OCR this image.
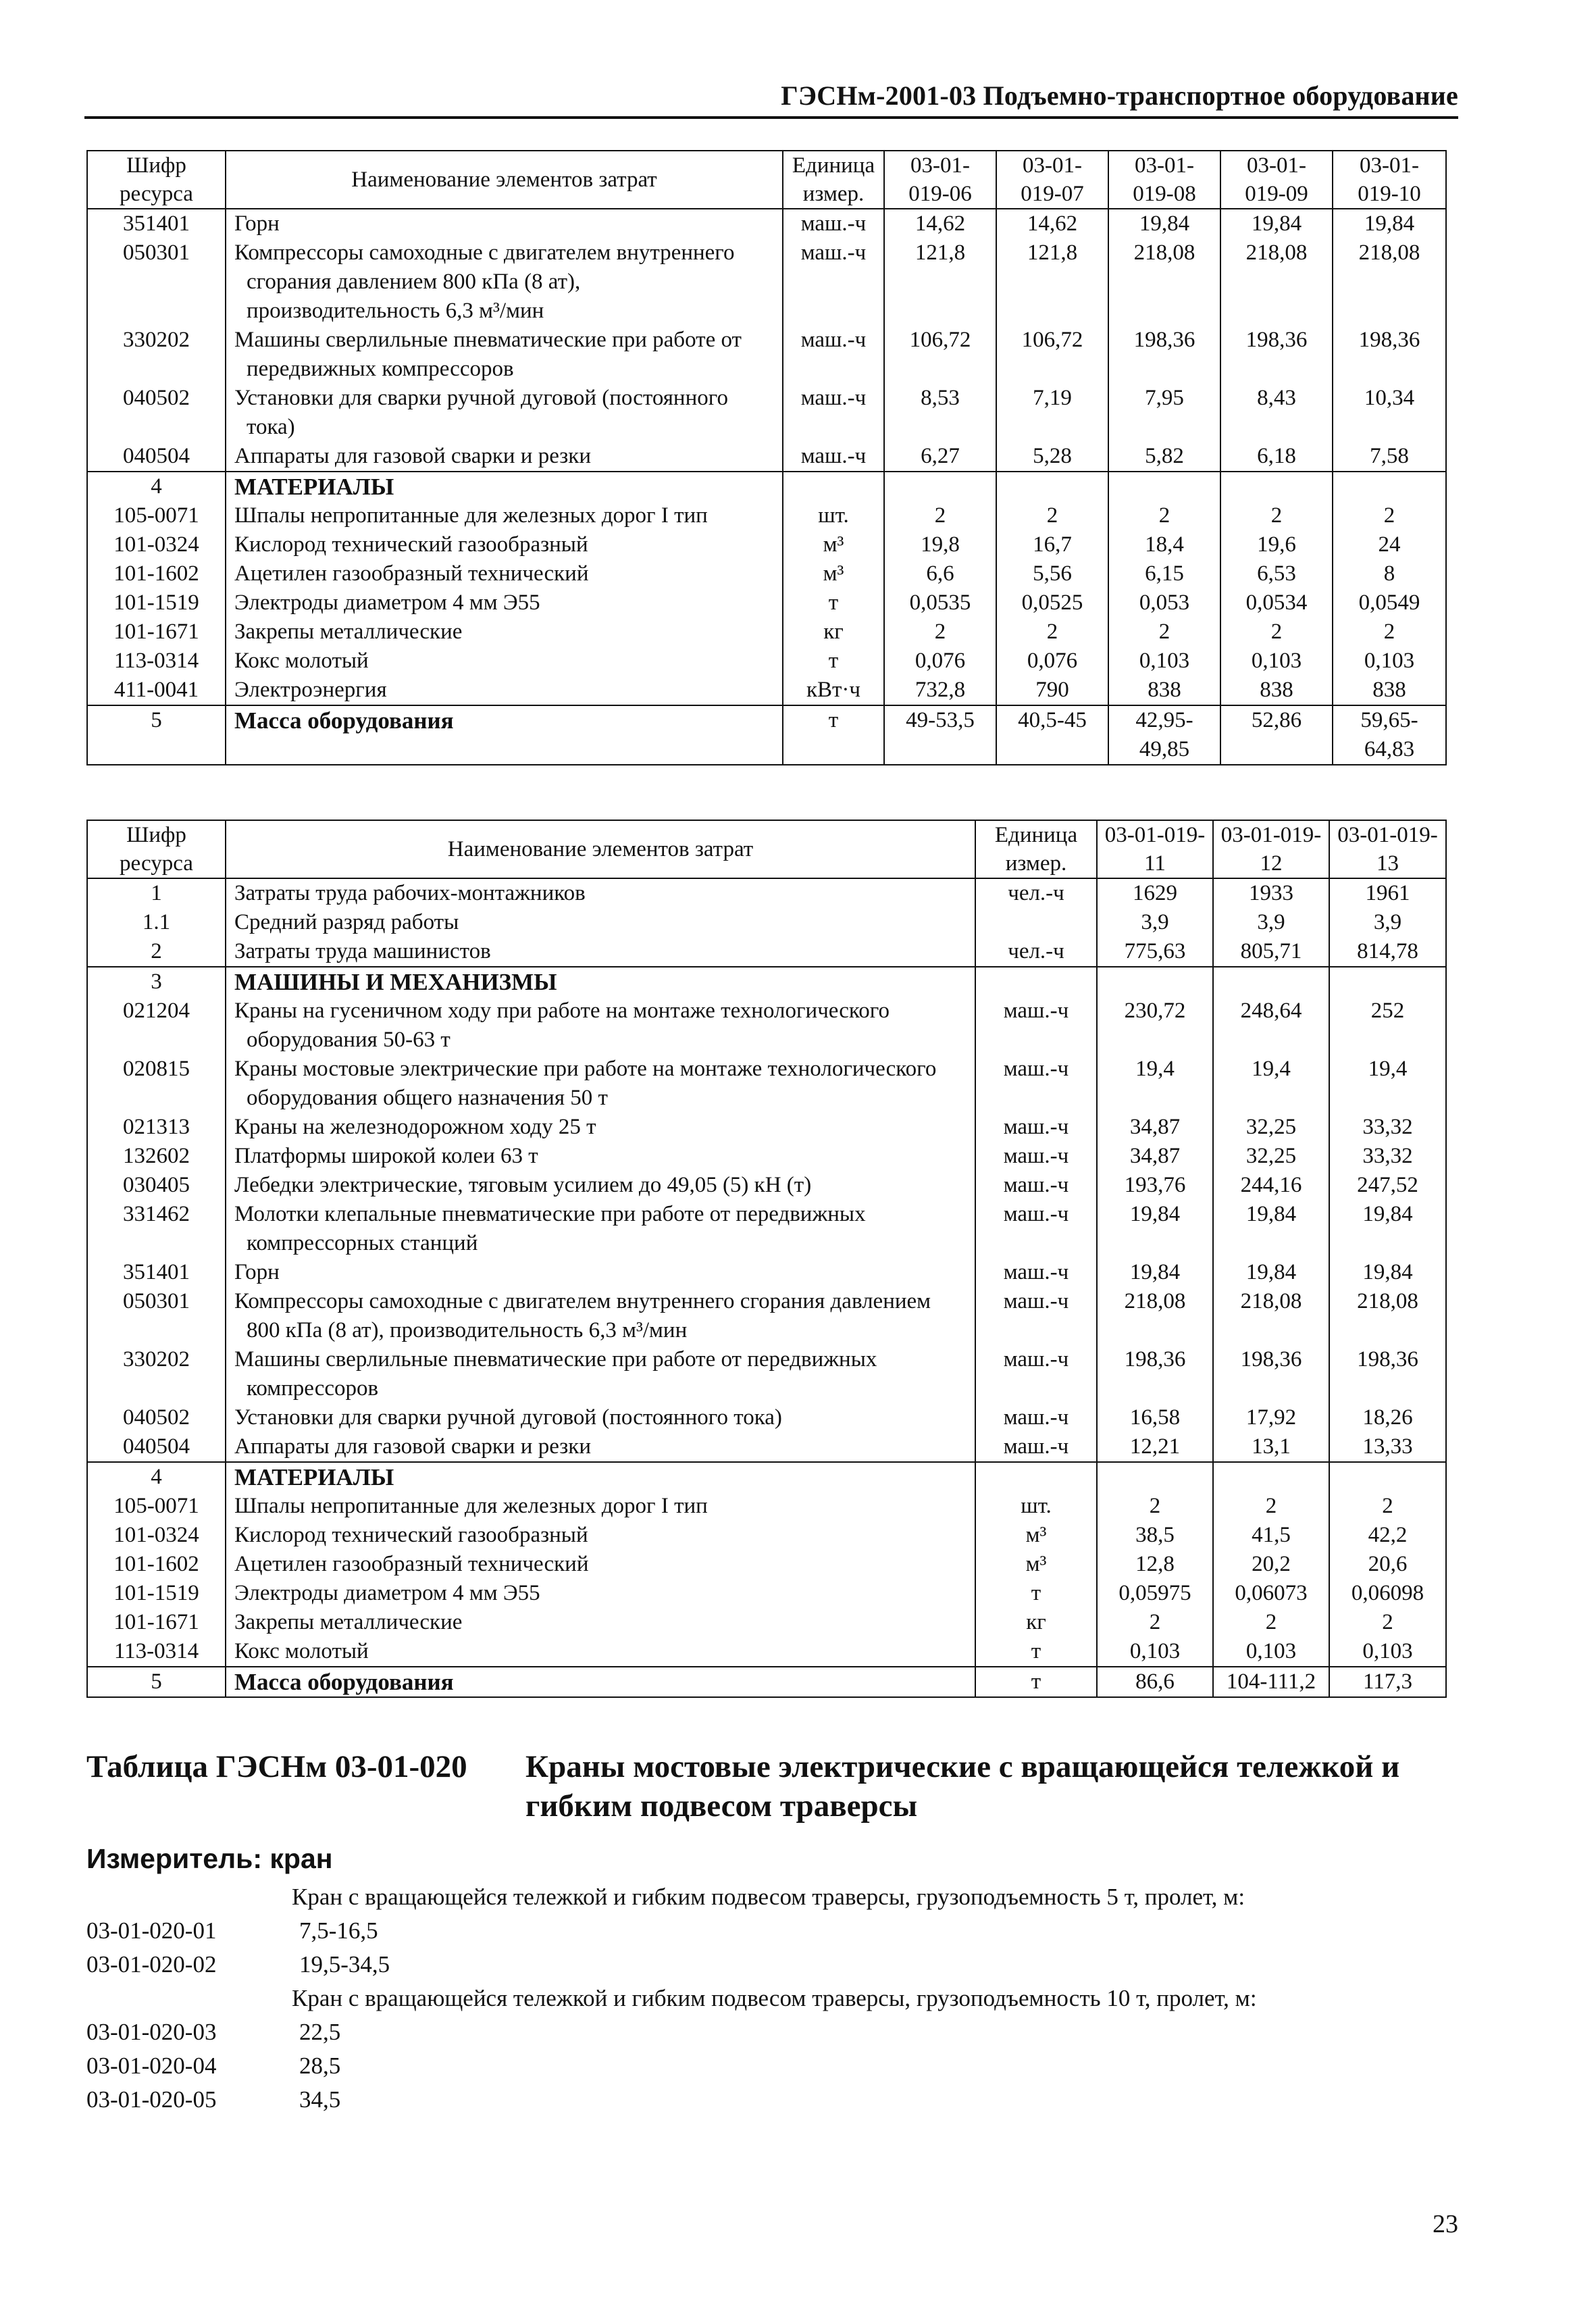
ГЭСНм-2001-03 Подъемно-транспортное оборудование
Шифр ресурса	Наименование элементов затрат	Единица измер.	03-01-019-06	03-01-019-07	03-01-019-08	03-01-019-09	03-01-019-10
351401	Горн	маш.-ч	14,62	14,62	19,84	19,84	19,84
050301	Компрессоры самоходные с двигателем внутреннего сгорания давлением 800 кПа (8 ат), производительность 6,3 м³/мин	маш.-ч	121,8	121,8	218,08	218,08	218,08
330202	Машины сверлильные пневматические при работе от передвижных компрессоров	маш.-ч	106,72	106,72	198,36	198,36	198,36
040502	Установки для сварки ручной дуговой (постоянного тока)	маш.-ч	8,53	7,19	7,95	8,43	10,34
040504	Аппараты для газовой сварки и резки	маш.-ч	6,27	5,28	5,82	6,18	7,58
4	МАТЕРИАЛЫ						
105-0071	Шпалы непропитанные для железных дорог I тип	шт.	2	2	2	2	2
101-0324	Кислород технический газообразный	м³	19,8	16,7	18,4	19,6	24
101-1602	Ацетилен газообразный технический	м³	6,6	5,56	6,15	6,53	8
101-1519	Электроды диаметром 4 мм Э55	т	0,0535	0,0525	0,053	0,0534	0,0549
101-1671	Закрепы металлические	кг	2	2	2	2	2
113-0314	Кокс молотый	т	0,076	0,076	0,103	0,103	0,103
411-0041	Электроэнергия	кВт·ч	732,8	790	838	838	838
5	Масса оборудования	т	49-53,5	40,5-45	42,95-49,85	52,86	59,65-64,83
Шифр ресурса	Наименование элементов затрат	Единица измер.	03-01-019-11	03-01-019-12	03-01-019-13
1	Затраты труда рабочих-монтажников	чел.-ч	1629	1933	1961
1.1	Средний разряд работы		3,9	3,9	3,9
2	Затраты труда машинистов	чел.-ч	775,63	805,71	814,78
3	МАШИНЫ И МЕХАНИЗМЫ				
021204	Краны на гусеничном ходу при работе на монтаже технологического оборудования 50-63 т	маш.-ч	230,72	248,64	252
020815	Краны мостовые электрические при работе на монтаже технологического оборудования общего назначения 50 т	маш.-ч	19,4	19,4	19,4
021313	Краны на железнодорожном ходу 25 т	маш.-ч	34,87	32,25	33,32
132602	Платформы широкой колеи 63 т	маш.-ч	34,87	32,25	33,32
030405	Лебедки электрические, тяговым усилием до 49,05 (5) кН (т)	маш.-ч	193,76	244,16	247,52
331462	Молотки клепальные пневматические при работе от передвижных компрессорных станций	маш.-ч	19,84	19,84	19,84
351401	Горн	маш.-ч	19,84	19,84	19,84
050301	Компрессоры самоходные с двигателем внутреннего сгорания давлением 800 кПа (8 ат), производительность 6,3 м³/мин	маш.-ч	218,08	218,08	218,08
330202	Машины сверлильные пневматические при работе от передвижных компрессоров	маш.-ч	198,36	198,36	198,36
040502	Установки для сварки ручной дуговой (постоянного тока)	маш.-ч	16,58	17,92	18,26
040504	Аппараты для газовой сварки и резки	маш.-ч	12,21	13,1	13,33
4	МАТЕРИАЛЫ				
105-0071	Шпалы непропитанные для железных дорог I тип	шт.	2	2	2
101-0324	Кислород технический газообразный	м³	38,5	41,5	42,2
101-1602	Ацетилен газообразный технический	м³	12,8	20,2	20,6
101-1519	Электроды диаметром 4 мм Э55	т	0,05975	0,06073	0,06098
101-1671	Закрепы металлические	кг	2	2	2
113-0314	Кокс молотый	т	0,103	0,103	0,103
5	Масса оборудования	т	86,6	104-111,2	117,3
Таблица ГЭСНм 03-01-020 Краны мостовые электрические с вращающейся тележкой и гибким подвесом траверсы
Измеритель: кран
Кран с вращающейся тележкой и гибким подвесом траверсы, грузоподъемность 5 т, пролет, м:
03-01-020-01	7,5-16,5
03-01-020-02	19,5-34,5
Кран с вращающейся тележкой и гибким подвесом траверсы, грузоподъемность 10 т, пролет, м:
03-01-020-03	22,5
03-01-020-04	28,5
03-01-020-05	34,5
23
